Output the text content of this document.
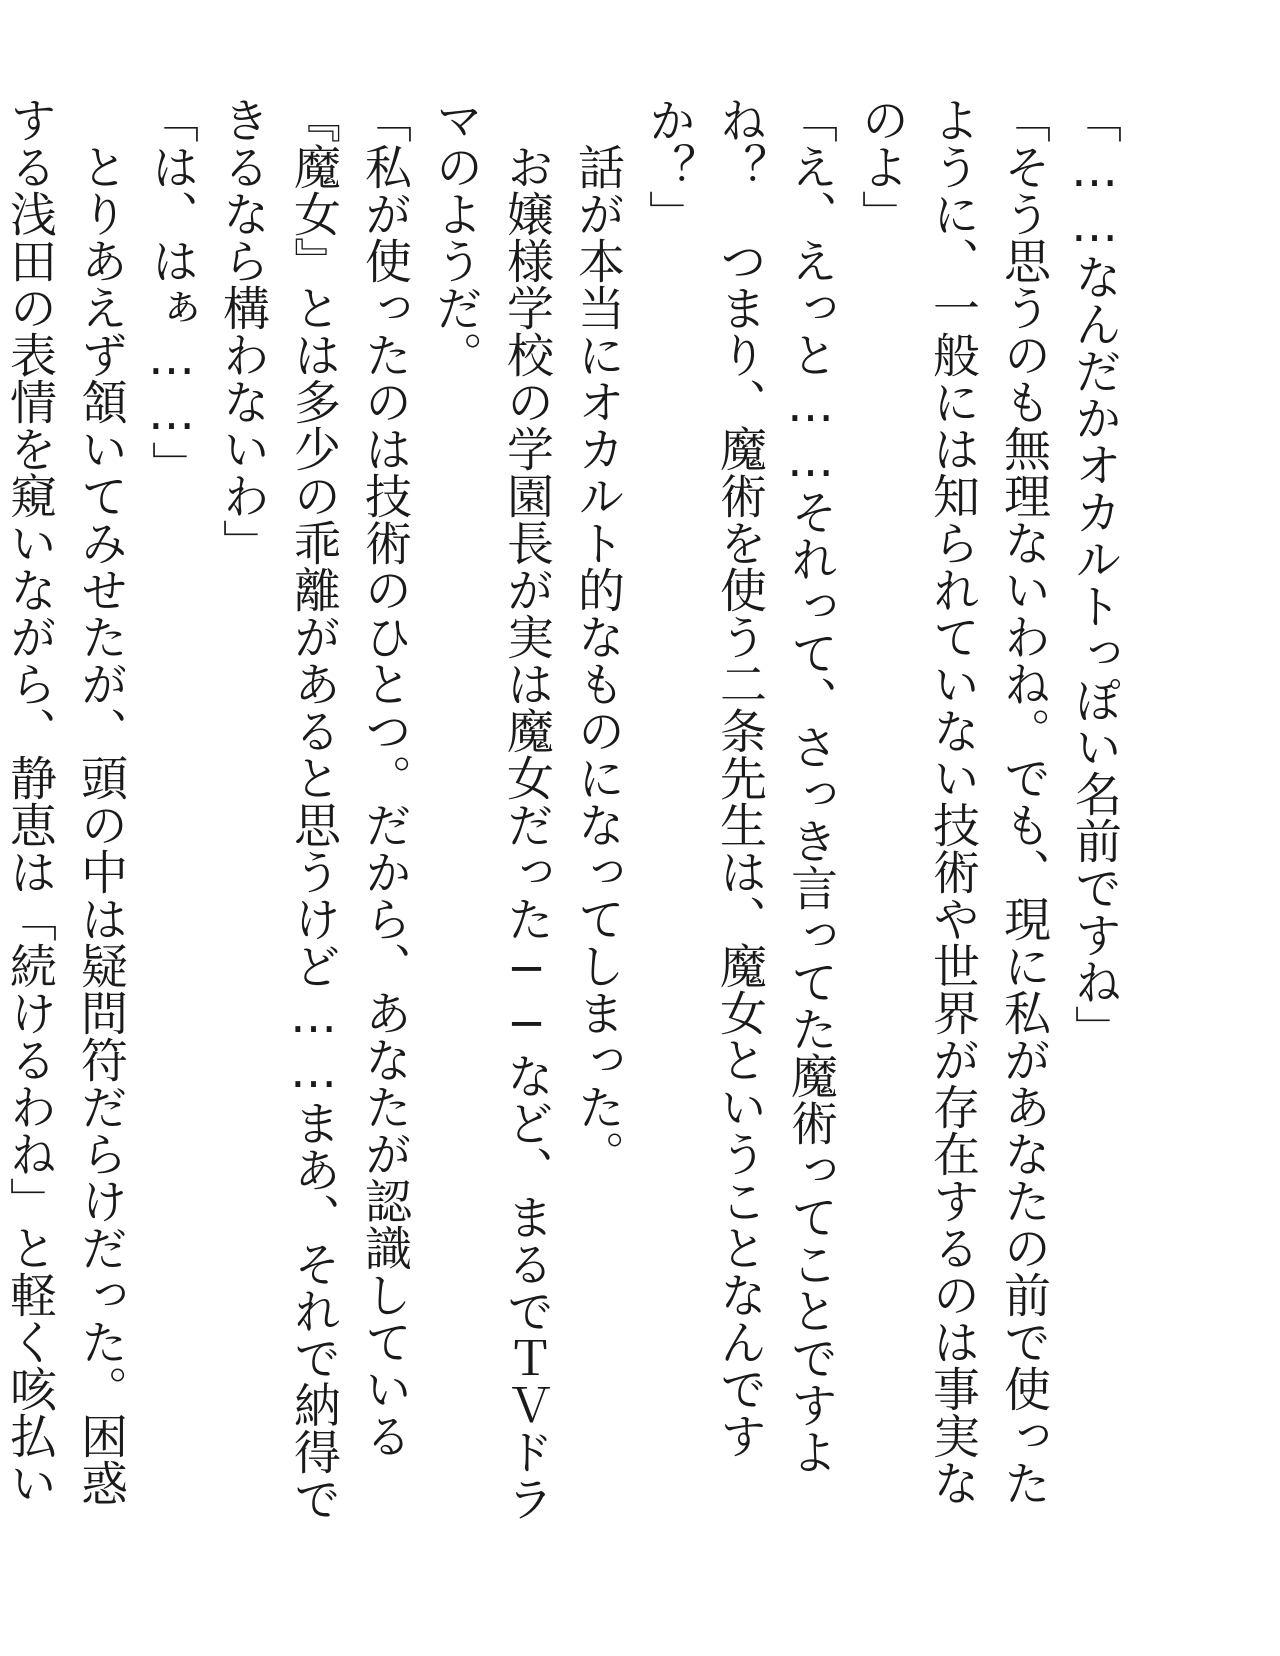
「……なんだかオカルトっぽい名前ですね」

「そう思うのも無理ないわね。でも、現に私があなたの前で使ったように、一般には知られていない技術や世界が存在するのは事実なのよ」

「え、えっと……それって、さっき言ってた魔術ってことですよね？　つまり、魔術を使う二条先生は、魔女ということなんですか？」

　話が本当にオカルト的なものになってしまった。

　お嬢様学校の学園長が実は魔女だった──など、まるでＴＶドラマのようだ。

「私が使ったのは技術のひとつ。だから、あなたが認識している『魔女』とは多少の乖離があると思うけど……まあ、それで納得できるなら構わないわ」

「は、はぁ……」

　とりあえず頷いてみせたが、頭の中は疑問符だらけだった。困惑する浅田の表情を窺いながら、静恵は「続けるわね」と軽く咳払い
